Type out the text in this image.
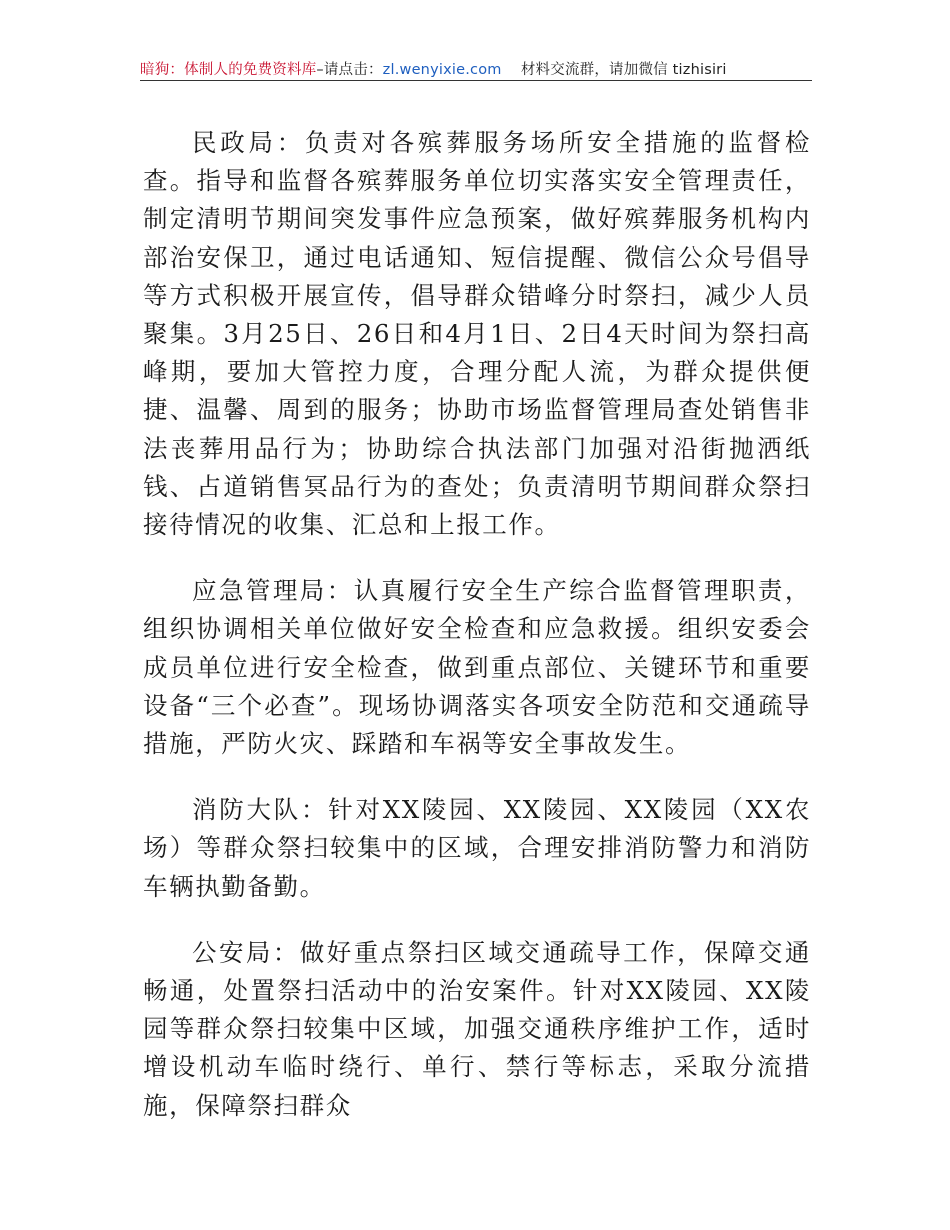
暗狗：体制人的免费资料库–请点击：zl.wenyixie.com 材料交流群，请加微信 tizhisiri

民政局：负责对各殡葬服务场所安全措施的监督检查。指导和监督各殡葬服务单位切实落实安全管理责任，制定清明节期间突发事件应急预案，做好殡葬服务机构内部治安保卫，通过电话通知、短信提醒、微信公众号倡导等方式积极开展宣传，倡导群众错峰分时祭扫，减少人员聚集。3月25日、26日和4月1日、2日4天时间为祭扫高峰期，要加大管控力度，合理分配人流，为群众提供便捷、温馨、周到的服务；协助市场监督管理局查处销售非法丧葬用品行为；协助综合执法部门加强对沿街抛洒纸钱、占道销售冥品行为的查处；负责清明节期间群众祭扫接待情况的收集、汇总和上报工作。

应急管理局：认真履行安全生产综合监督管理职责，组织协调相关单位做好安全检查和应急救援。组织安委会成员单位进行安全检查，做到重点部位、关键环节和重要设备“三个必查”。现场协调落实各项安全防范和交通疏导措施，严防火灾、踩踏和车祸等安全事故发生。

消防大队：针对XX陵园、XX陵园、XX陵园（XX农场）等群众祭扫较集中的区域，合理安排消防警力和消防车辆执勤备勤。

公安局：做好重点祭扫区域交通疏导工作，保障交通畅通，处置祭扫活动中的治安案件。针对XX陵园、XX陵园等群众祭扫较集中区域，加强交通秩序维护工作，适时增设机动车临时绕行、单行、禁行等标志，采取分流措施，保障祭扫群众
